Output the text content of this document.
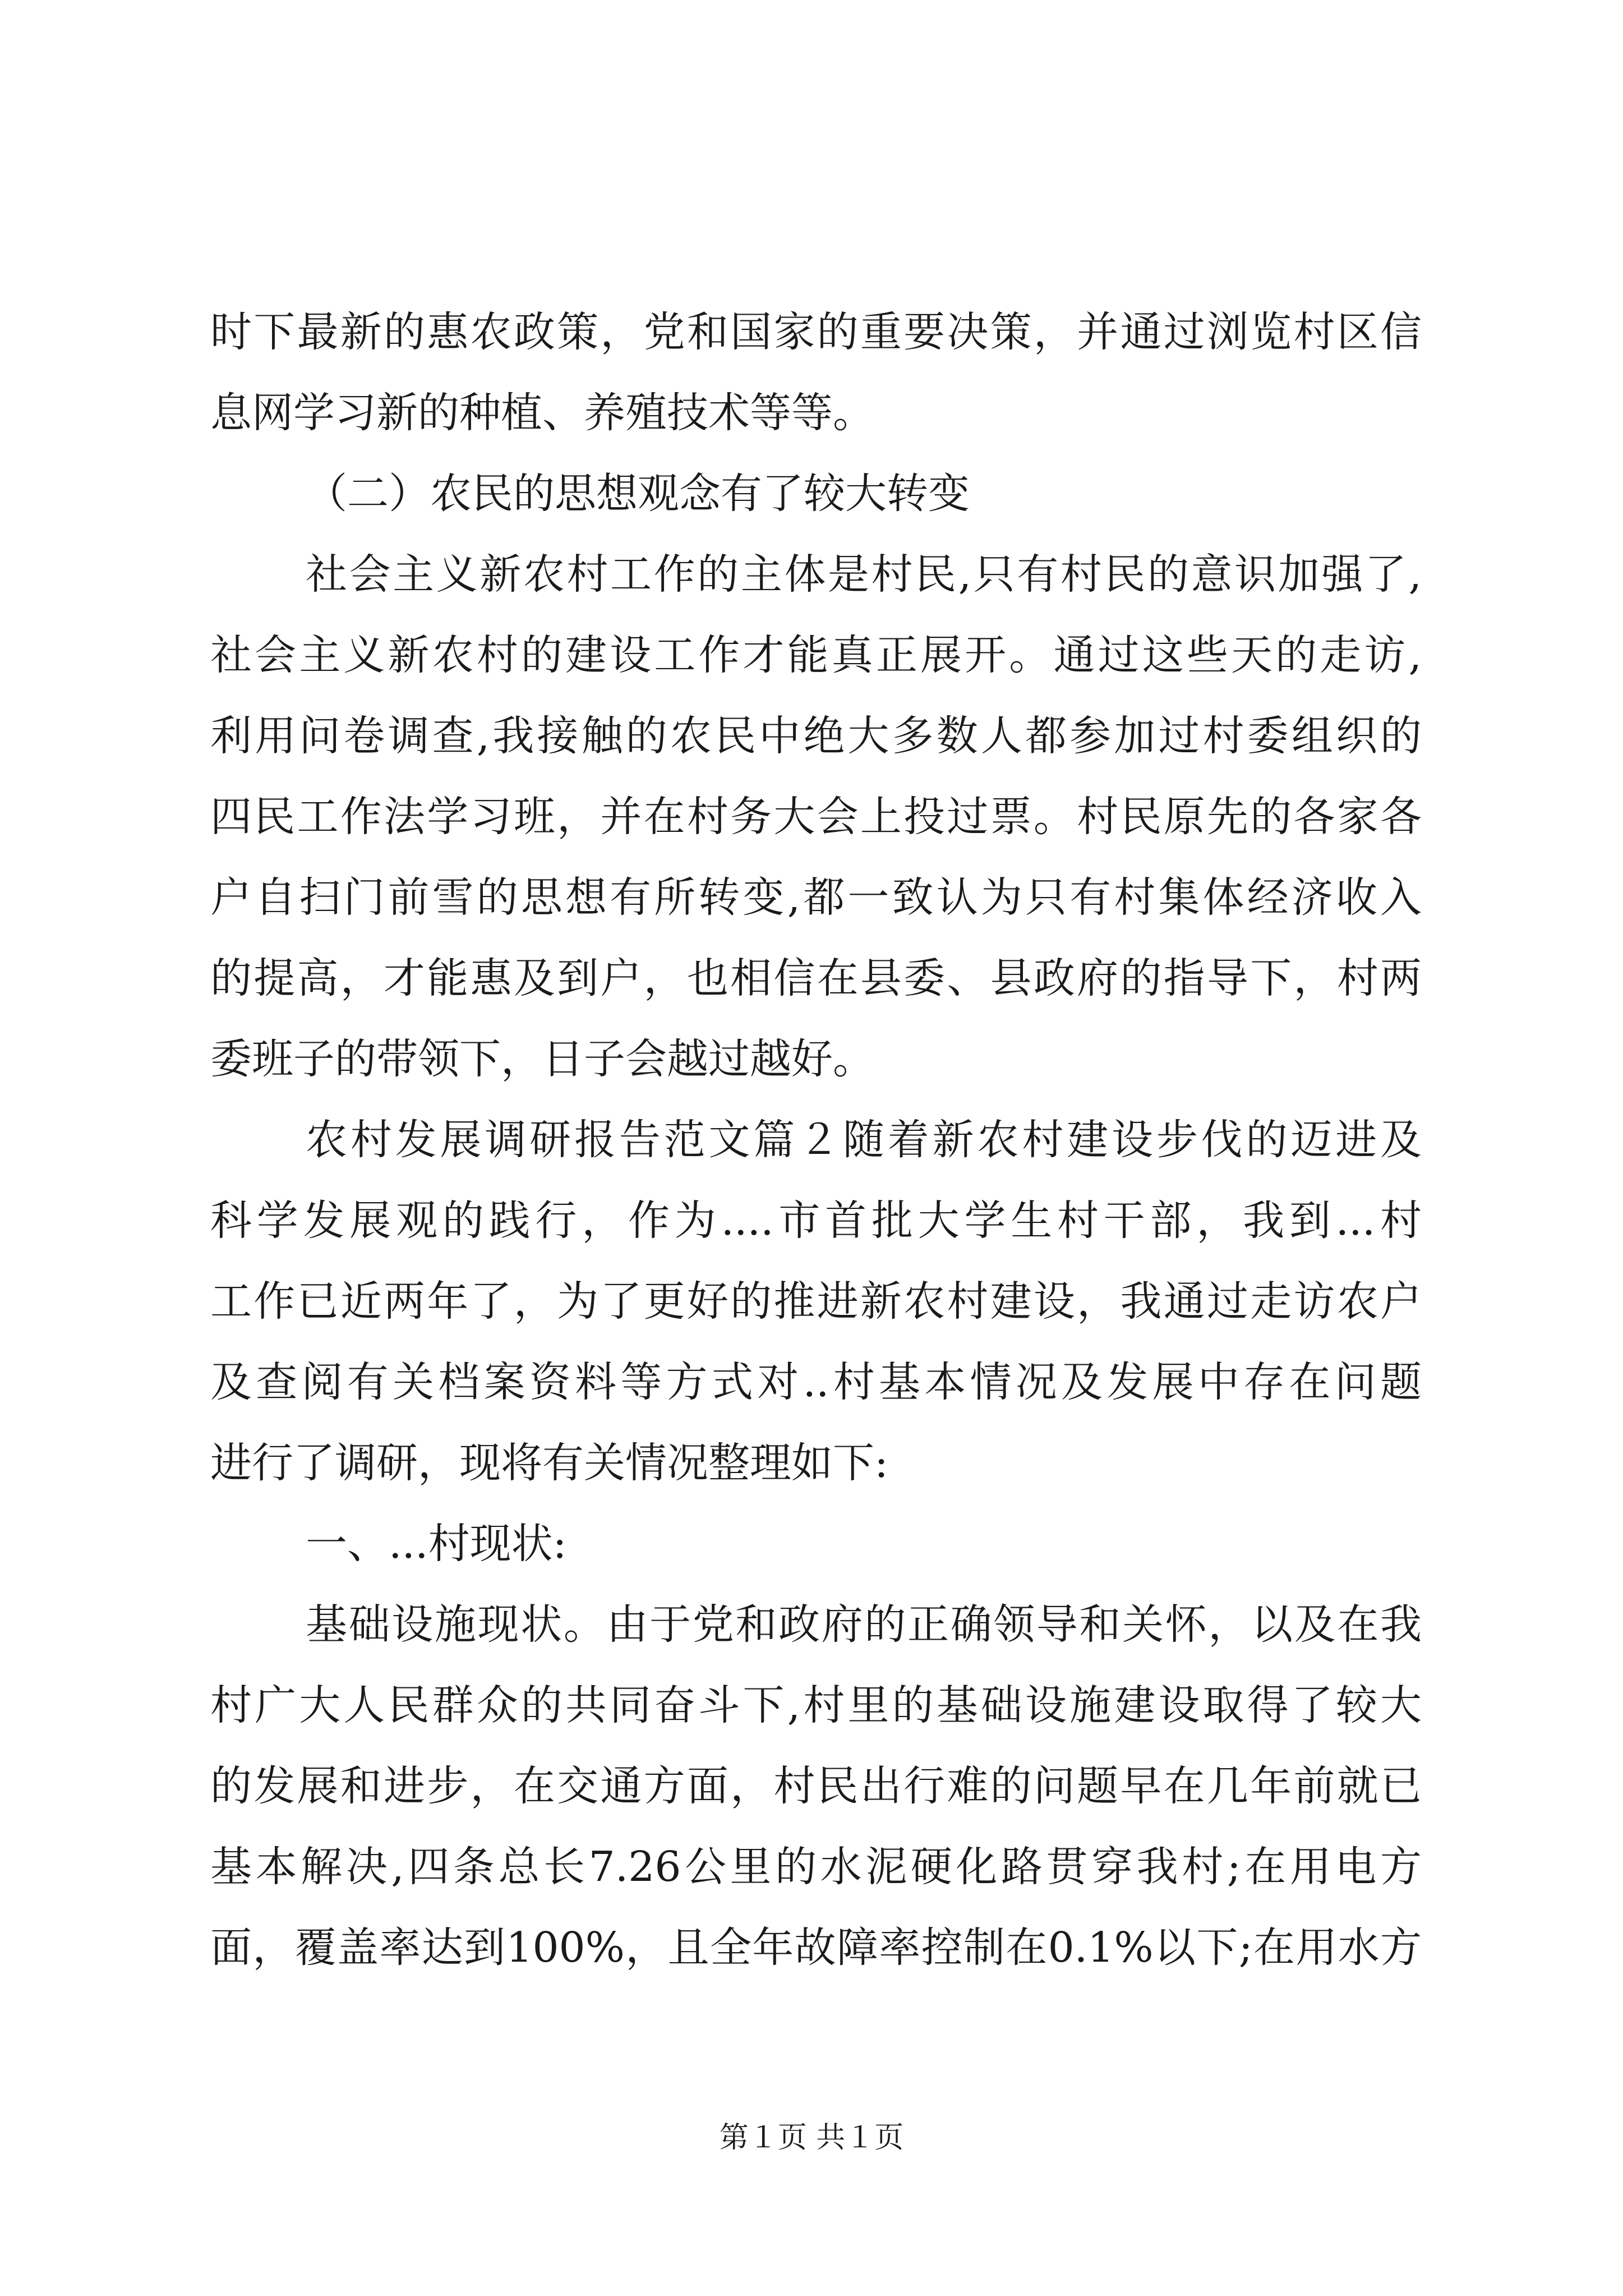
时下最新的惠农政策，党和国家的重要决策，并通过浏览村区信
息网学习新的种植、养殖技术等等。
（二）农民的思想观念有了较大转变
社会主义新农村工作的主体是村民,只有村民的意识加强了,
社会主义新农村的建设工作才能真正展开。通过这些天的走访,
利用问卷调查,我接触的农民中绝大多数人都参加过村委组织的
四民工作法学习班，并在村务大会上投过票。村民原先的各家各
户自扫门前雪的思想有所转变,都一致认为只有村集体经济收入
的提高，才能惠及到户，也相信在县委、县政府的指导下，村两
委班子的带领下，日子会越过越好。
农村发展调研报告范文篇２随着新农村建设步伐的迈进及
科学发展观的践行，作为....市首批大学生村干部，我到...村
工作已近两年了，为了更好的推进新农村建设，我通过走访农户
及查阅有关档案资料等方式对..村基本情况及发展中存在问题
进行了调研，现将有关情况整理如下:
一、...村现状:
基础设施现状。由于党和政府的正确领导和关怀，以及在我
村广大人民群众的共同奋斗下,村里的基础设施建设取得了较大
的发展和进步，在交通方面，村民出行难的问题早在几年前就已
基本解决,四条总长7.26公里的水泥硬化路贯穿我村;在用电方
面，覆盖率达到100%，且全年故障率控制在0.1%以下;在用水方
第１页 共１页
